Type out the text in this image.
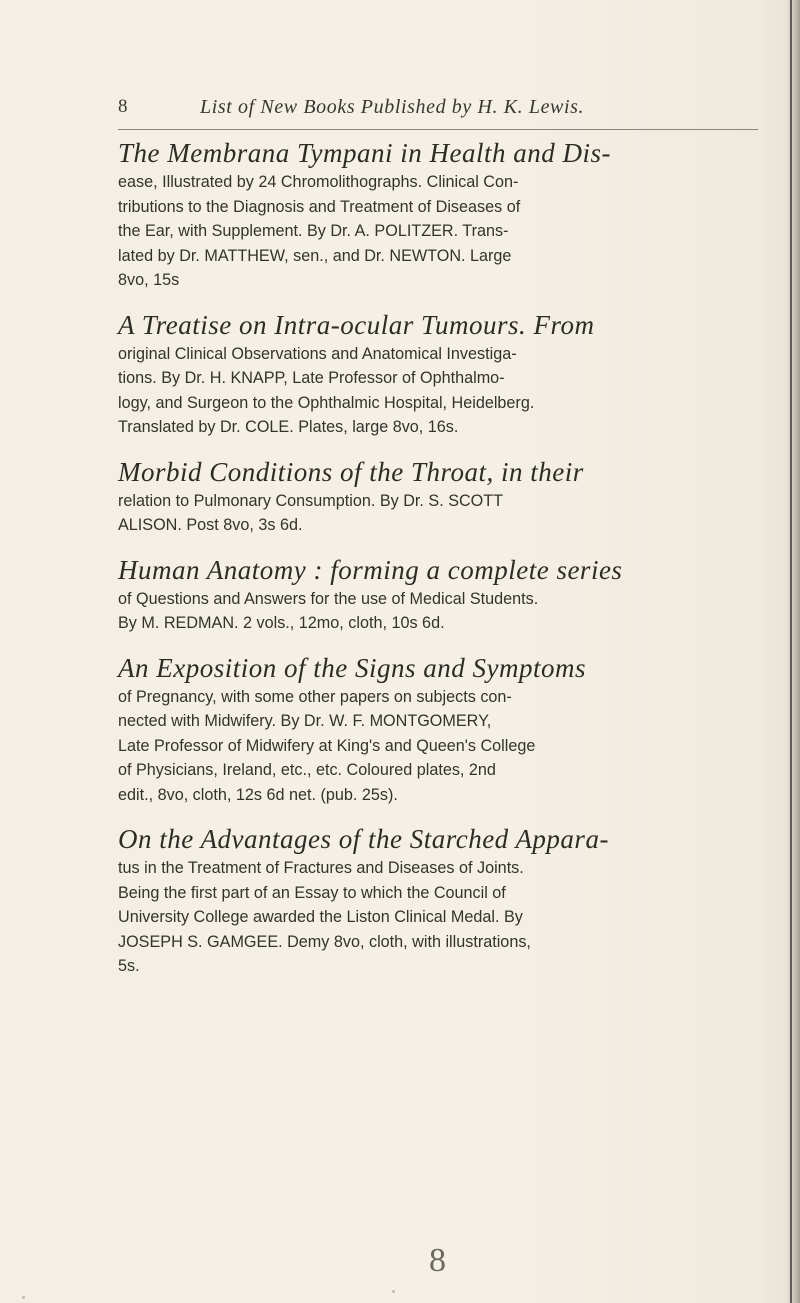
8	List of New Books Published by H. K. Lewis.
The Membrana Tympani in Health and Dis-
ease, Illustrated by 24 Chromolithographs. Clinical Con-
tributions to the Diagnosis and Treatment of Diseases of
the Ear, with Supplement. By Dr. A. POLITZER. Trans-
lated by Dr. MATTHEW, sen., and Dr. NEWTON. Large
8vo, 15s
A Treatise on Intra-ocular Tumours. From
original Clinical Observations and Anatomical Investiga-
tions. By Dr. H. KNAPP, Late Professor of Ophthalmo-
logy, and Surgeon to the Ophthalmic Hospital, Heidelberg.
Translated by Dr. COLE. Plates, large 8vo, 16s.
Morbid Conditions of the Throat, in their
relation to Pulmonary Consumption. By Dr. S. SCOTT
ALISON. Post 8vo, 3s 6d.
Human Anatomy : forming a complete series
of Questions and Answers for the use of Medical Students.
By M. REDMAN. 2 vols., 12mo, cloth, 10s 6d.
An Exposition of the Signs and Symptoms
of Pregnancy, with some other papers on subjects con-
nected with Midwifery. By Dr. W. F. MONTGOMERY,
Late Professor of Midwifery at King's and Queen's College
of Physicians, Ireland, etc., etc. Coloured plates, 2nd
edit., 8vo, cloth, 12s 6d net. (pub. 25s).
On the Advantages of the Starched Appara-
tus in the Treatment of Fractures and Diseases of Joints.
Being the first part of an Essay to which the Council of
University College awarded the Liston Clinical Medal. By
JOSEPH S. GAMGEE. Demy 8vo, cloth, with illustrations,
5s.
8
